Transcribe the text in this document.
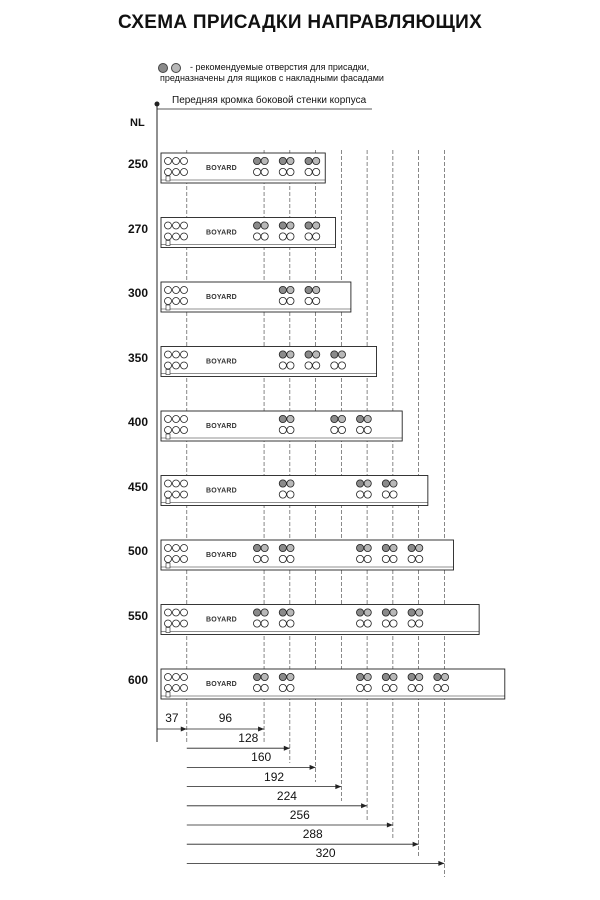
СХЕМА ПРИСАДКИ НАПРАВЛЯЮЩИХ
- рекомендуемые отверстия для присадки,
предназначены для ящиков с накладными фасадами
Передняя кромка боковой стенки корпуса
NL
BOYARD
BOYARD
BOYARD
BOYARD
BOYARD
BOYARD
BOYARD
BOYARD
BOYARD
250
270
300
350
400
450
500
550
600
37	96
128
160
192
224
256
288
320
